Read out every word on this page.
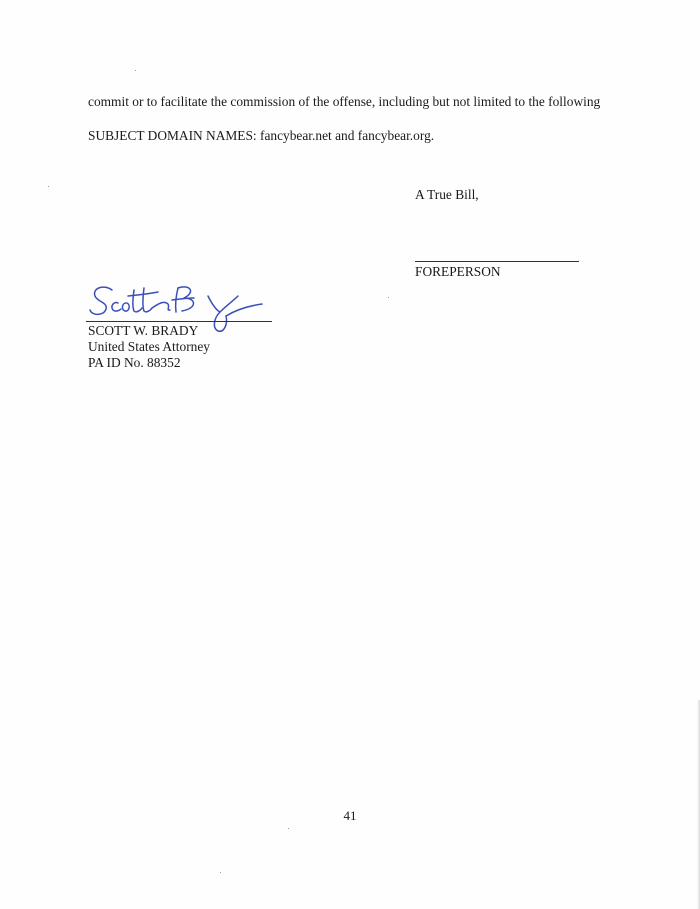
commit or to facilitate the commission of the offense, including but not limited to the following
SUBJECT DOMAIN NAMES: fancybear.net and fancybear.org.
A True Bill,
FOREPERSON
SCOTT W. BRADY
United States Attorney
PA ID No. 88352
41
